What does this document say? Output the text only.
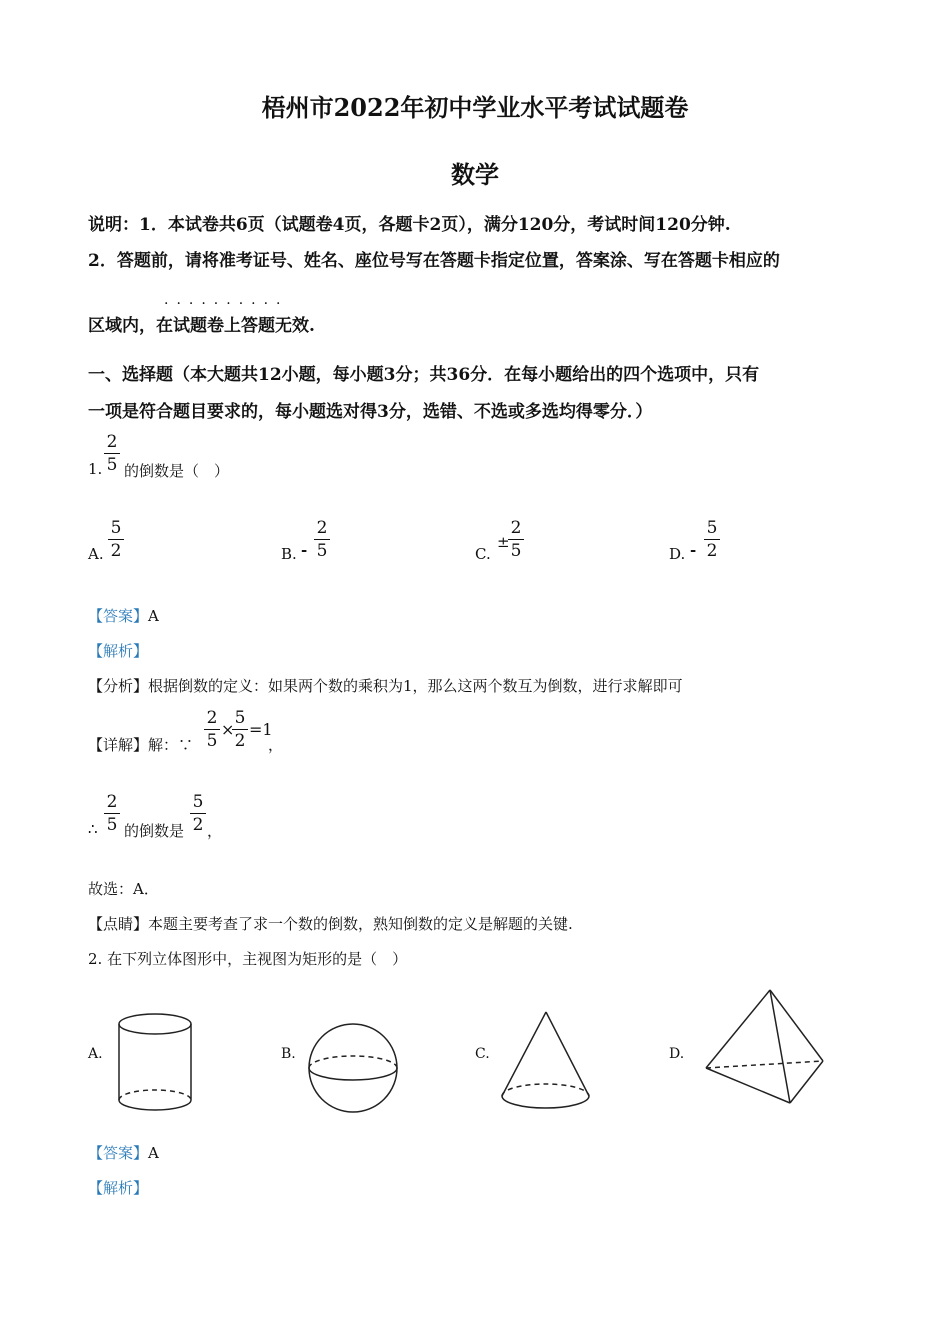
梧州市2022年初中学业水平考试试题卷
数学
说明：1．本试卷共6页（试题卷4页，各题卡2页），满分120分，考试时间120分钟.
2．答题前，请将准考证号、姓名、座位号写在答题卡指定位置，答案涂、写在答题卡相应的
··········
区域内，在试题卷上答题无效.
一、选择题（本大题共12小题，每小题3分；共36分．在每小题给出的四个选项中，只有
一项是符合题目要求的，每小题选对得3分，选错、不选或多选均得零分．）
1.
2
5 的倒数是（　）
A.
5
2	B. -
2
5	C.
±
2
5	D. -
5
2
【答案】A
【解析】
【分析】根据倒数的定义：如果两个数的乘积为1，那么这两个数互为倒数，进行求解即可
【详解】解：∵
2
5
×
5
2
=1
，
∴
2
5 的倒数是
5
2 ，
故选：A．
【点睛】本题主要考查了求一个数的倒数，熟知倒数的定义是解题的关键.
2. 在下列立体图形中，主视图为矩形的是（　）
A.	B.	C.	D.
【答案】A
【解析】
